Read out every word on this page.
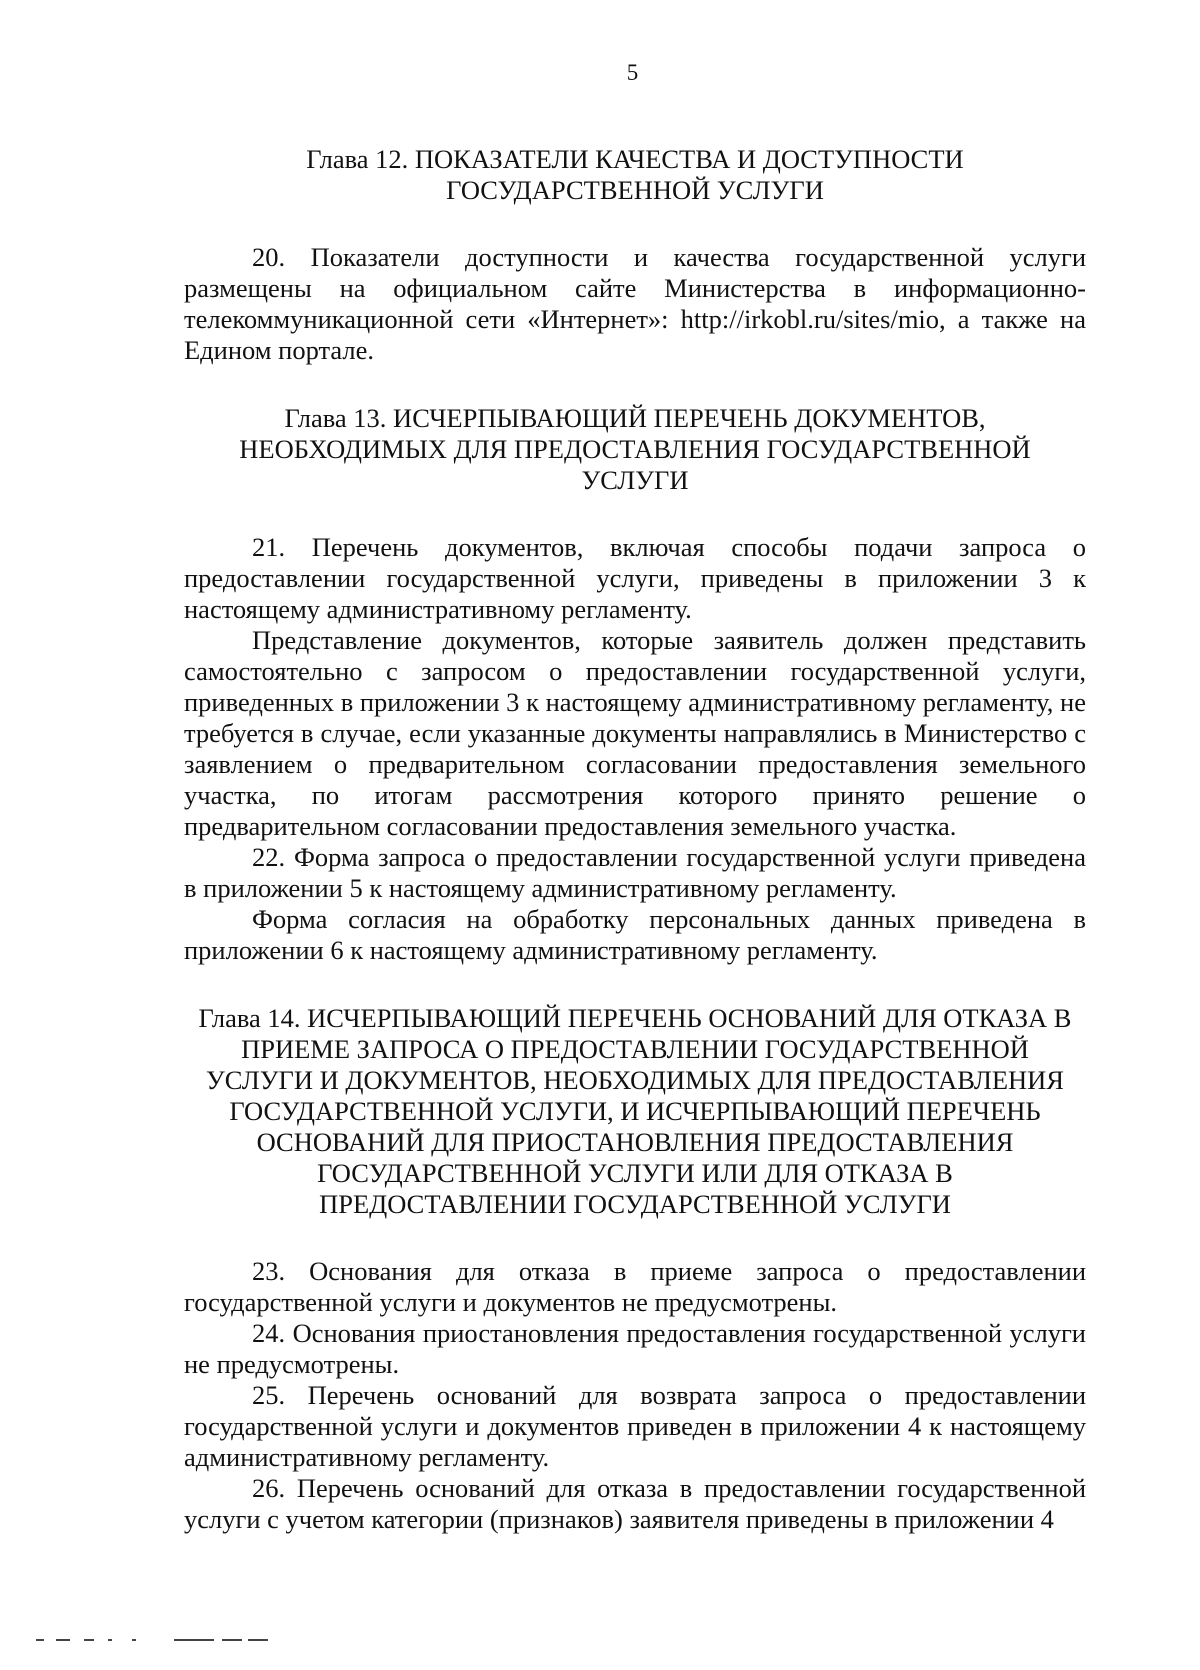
5
Глава 12. ПОКАЗАТЕЛИ КАЧЕСТВА И ДОСТУПНОСТИ
ГОСУДАРСТВЕННОЙ УСЛУГИ

20. Показатели доступности и качества государственной услуги размещены на официальном сайте Министерства в информационно-телекоммуникационной сети «Интернет»: http://irkobl.ru/sites/mio, а также на Едином портале.

Глава 13. ИСЧЕРПЫВАЮЩИЙ ПЕРЕЧЕНЬ ДОКУМЕНТОВ,
НЕОБХОДИМЫХ ДЛЯ ПРЕДОСТАВЛЕНИЯ ГОСУДАРСТВЕННОЙ
УСЛУГИ

21. Перечень документов, включая способы подачи запроса о предоставлении государственной услуги, приведены в приложении 3 к настоящему административному регламенту.

Представление документов, которые заявитель должен представить самостоятельно с запросом о предоставлении государственной услуги, приведенных в приложении 3 к настоящему административному регламенту, не требуется в случае, если указанные документы направлялись в Министерство с заявлением о предварительном согласовании предоставления земельного участка, по итогам рассмотрения которого принято решение о предварительном согласовании предоставления земельного участка.

22. Форма запроса о предоставлении государственной услуги приведена в приложении 5 к настоящему административному регламенту.

Форма согласия на обработку персональных данных приведена в приложении 6 к настоящему административному регламенту.

Глава 14. ИСЧЕРПЫВАЮЩИЙ ПЕРЕЧЕНЬ ОСНОВАНИЙ ДЛЯ ОТКАЗА В
ПРИЕМЕ ЗАПРОСА О ПРЕДОСТАВЛЕНИИ ГОСУДАРСТВЕННОЙ
УСЛУГИ И ДОКУМЕНТОВ, НЕОБХОДИМЫХ ДЛЯ ПРЕДОСТАВЛЕНИЯ
ГОСУДАРСТВЕННОЙ УСЛУГИ, И ИСЧЕРПЫВАЮЩИЙ ПЕРЕЧЕНЬ
ОСНОВАНИЙ ДЛЯ ПРИОСТАНОВЛЕНИЯ ПРЕДОСТАВЛЕНИЯ
ГОСУДАРСТВЕННОЙ УСЛУГИ ИЛИ ДЛЯ ОТКАЗА В
ПРЕДОСТАВЛЕНИИ ГОСУДАРСТВЕННОЙ УСЛУГИ

23. Основания для отказа в приеме запроса о предоставлении государственной услуги и документов не предусмотрены.

24. Основания приостановления предоставления государственной услуги не предусмотрены.

25. Перечень оснований для возврата запроса о предоставлении государственной услуги и документов приведен в приложении 4 к настоящему административному регламенту.

26. Перечень оснований для отказа в предоставлении государственной услуги с учетом категории (признаков) заявителя приведены в приложении 4
